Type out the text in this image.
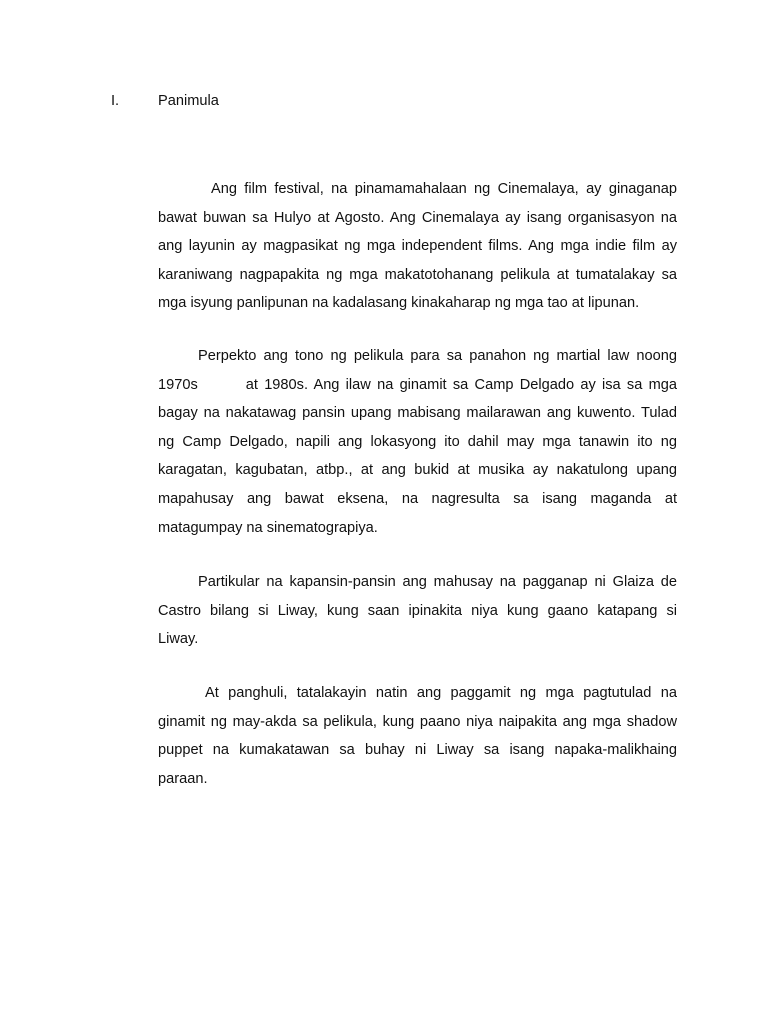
I.	Panimula
Ang film festival, na pinamamahalaan ng Cinemalaya, ay ginaganap
bawat buwan sa Hulyo at Agosto. Ang Cinemalaya ay isang organisasyon na
ang layunin ay magpasikat ng mga independent films. Ang mga indie film ay
karaniwang nagpapakita ng mga makatotohanang pelikula at tumatalakay sa
mga isyung panlipunan na kadalasang kinakaharap ng mga tao at lipunan.
Perpekto ang tono ng pelikula para sa panahon ng martial law noong
1970s	at 1980s. Ang ilaw na ginamit sa Camp Delgado ay isa sa mga
bagay na nakatawag pansin upang mabisang mailarawan ang kuwento. Tulad
ng Camp Delgado, napili ang lokasyong ito dahil may mga tanawin ito ng
karagatan, kagubatan, atbp., at ang bukid at musika ay nakatulong upang
mapahusay ang bawat eksena, na nagresulta sa isang maganda at
matagumpay na sinematograpiya.
Partikular na kapansin-pansin ang mahusay na pagganap ni Glaiza de
Castro bilang si Liway, kung saan ipinakita niya kung gaano katapang si
Liway.
At panghuli, tatalakayin natin ang paggamit ng mga pagtutulad na
ginamit ng may-akda sa pelikula, kung paano niya naipakita ang mga shadow
puppet na kumakatawan sa buhay ni Liway sa isang napaka-malikhaing
paraan.
